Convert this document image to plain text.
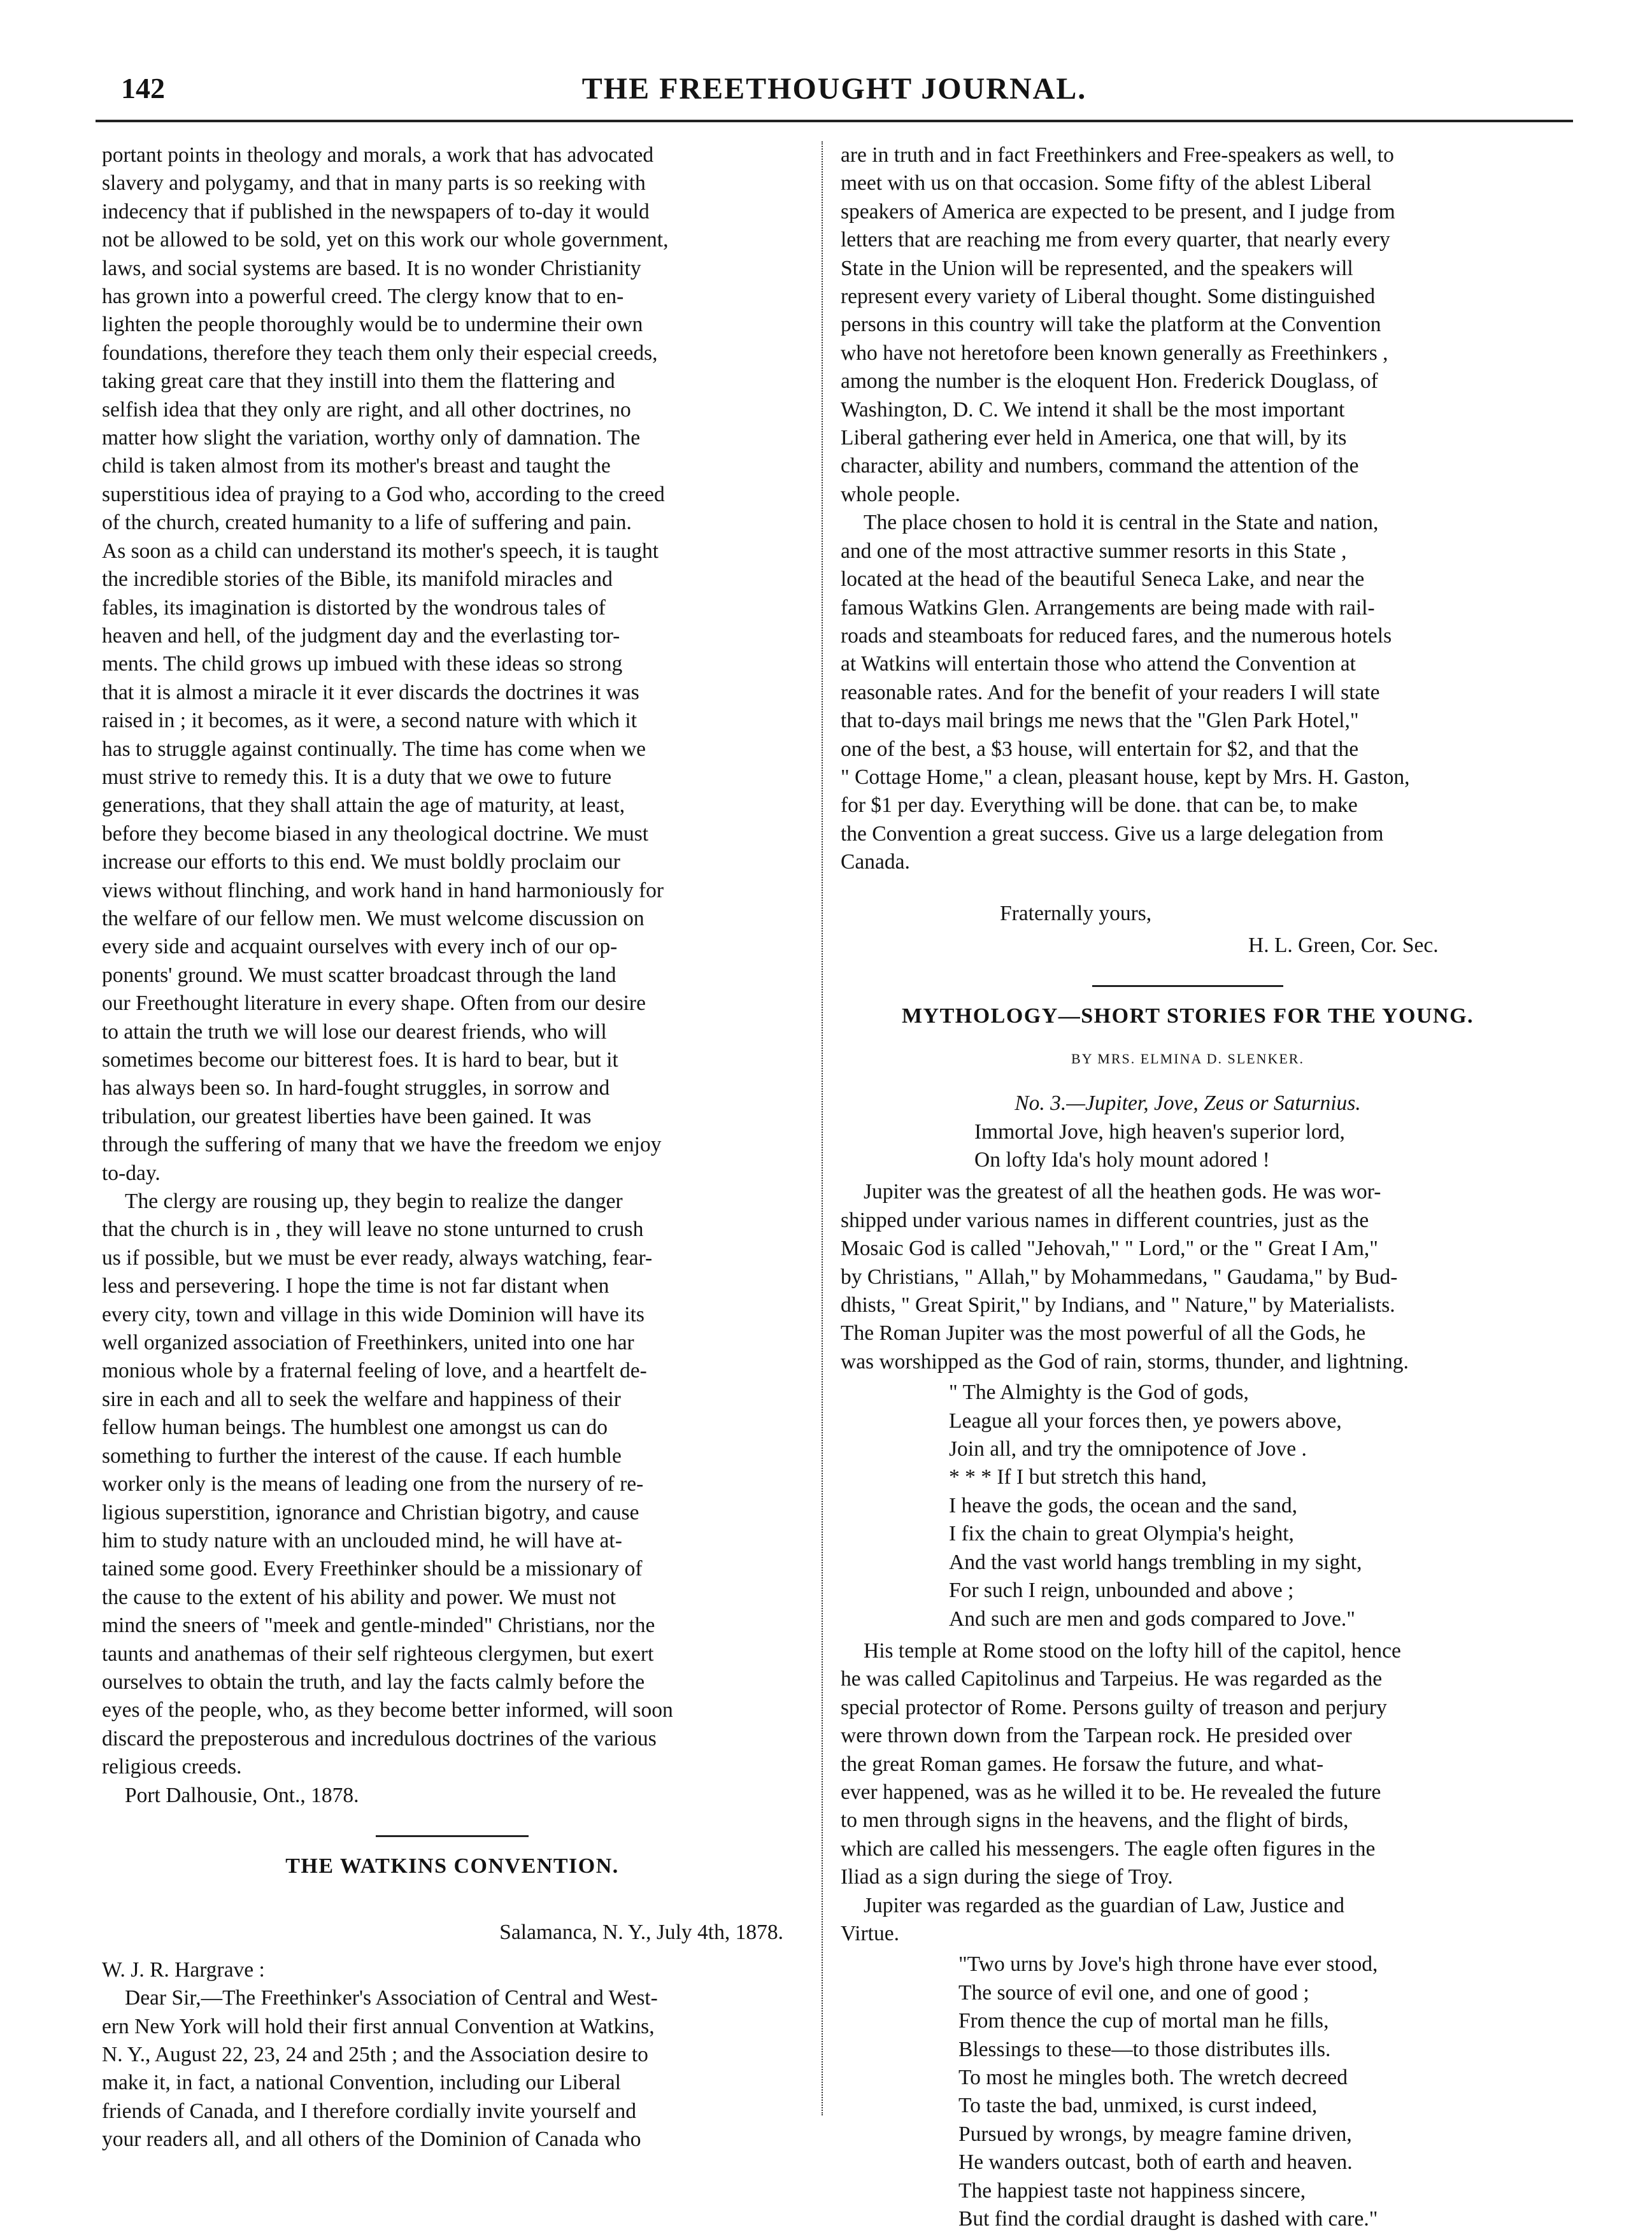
142	THE FREETHOUGHT JOURNAL.

portant points in theology and morals, a work that has advocated

slavery and polygamy, and that in many parts is so reeking with

indecency that if published in the newspapers of to-day it would

not be allowed to be sold, yet on this work our whole government,

laws, and social systems are based. It is no wonder Christianity

has grown into a powerful creed. The clergy know that to en-

lighten the people thoroughly would be to undermine their own

foundations, therefore they teach them only their especial creeds,

taking great care that they instill into them the flattering and

selfish idea that they only are right, and all other doctrines, no

matter how slight the variation, worthy only of damnation. The

child is taken almost from its mother's breast and taught the

superstitious idea of praying to a God who, according to the creed

of the church, created humanity to a life of suffering and pain.

As soon as a child can understand its mother's speech, it is taught

the incredible stories of the Bible, its manifold miracles and

fables, its imagination is distorted by the wondrous tales of

heaven and hell, of the judgment day and the everlasting tor-

ments. The child grows up imbued with these ideas so strong

that it is almost a miracle it it ever discards the doctrines it was

raised in ; it becomes, as it were, a second nature with which it

has to struggle against continually. The time has come when we

must strive to remedy this. It is a duty that we owe to future

generations, that they shall attain the age of maturity, at least,

before they become biased in any theological doctrine. We must

increase our efforts to this end. We must boldly proclaim our

views without flinching, and work hand in hand harmoniously for

the welfare of our fellow men. We must welcome discussion on

every side and acquaint ourselves with every inch of our op-

ponents' ground. We must scatter broadcast through the land

our Freethought literature in every shape. Often from our desire

to attain the truth we will lose our dearest friends, who will

sometimes become our bitterest foes. It is hard to bear, but it

has always been so. In hard-fought struggles, in sorrow and

tribulation, our greatest liberties have been gained. It was

through the suffering of many that we have the freedom we enjoy

to-day.

The clergy are rousing up, they begin to realize the danger

that the church is in , they will leave no stone unturned to crush

us if possible, but we must be ever ready, always watching, fear-

less and persevering. I hope the time is not far distant when

every city, town and village in this wide Dominion will have its

well organized association of Freethinkers, united into one har

monious whole by a fraternal feeling of love, and a heartfelt de-

sire in each and all to seek the welfare and happiness of their

fellow human beings. The humblest one amongst us can do

something to further the interest of the cause. If each humble

worker only is the means of leading one from the nursery of re-

ligious superstition, ignorance and Christian bigotry, and cause

him to study nature with an unclouded mind, he will have at-

tained some good. Every Freethinker should be a missionary of

the cause to the extent of his ability and power. We must not

mind the sneers of "meek and gentle-minded" Christians, nor the

taunts and anathemas of their self righteous clergymen, but exert

ourselves to obtain the truth, and lay the facts calmly before the

eyes of the people, who, as they become better informed, will soon

discard the preposterous and incredulous doctrines of the various

religious creeds.

Port Dalhousie, Ont., 1878.

THE WATKINS CONVENTION.

Salamanca, N. Y., July 4th, 1878.

W. J. R. Hargrave :

Dear Sir,—The Freethinker's Association of Central and West-

ern New York will hold their first annual Convention at Watkins,

N. Y., August 22, 23, 24 and 25th ; and the Association desire to

make it, in fact, a national Convention, including our Liberal

friends of Canada, and I therefore cordially invite yourself and

your readers all, and all others of the Dominion of Canada who

are in truth and in fact Freethinkers and Free-speakers as well, to

meet with us on that occasion. Some fifty of the ablest Liberal

speakers of America are expected to be present, and I judge from

letters that are reaching me from every quarter, that nearly every

State in the Union will be represented, and the speakers will

represent every variety of Liberal thought. Some distinguished

persons in this country will take the platform at the Convention

who have not heretofore been known generally as Freethinkers ,

among the number is the eloquent Hon. Frederick Douglass, of

Washington, D. C. We intend it shall be the most important

Liberal gathering ever held in America, one that will, by its

character, ability and numbers, command the attention of the

whole people.

The place chosen to hold it is central in the State and nation,

and one of the most attractive summer resorts in this State ,

located at the head of the beautiful Seneca Lake, and near the

famous Watkins Glen. Arrangements are being made with rail-

roads and steamboats for reduced fares, and the numerous hotels

at Watkins will entertain those who attend the Convention at

reasonable rates. And for the benefit of your readers I will state

that to-days mail brings me news that the "Glen Park Hotel,"

one of the best, a $3 house, will entertain for $2, and that the

" Cottage Home," a clean, pleasant house, kept by Mrs. H. Gaston,

for $1 per day. Everything will be done. that can be, to make

the Convention a great success. Give us a large delegation from

Canada.

Fraternally yours,

H. L. Green, Cor. Sec.

MYTHOLOGY—SHORT STORIES FOR THE YOUNG.

BY MRS. ELMINA D. SLENKER.

No. 3.—Jupiter, Jove, Zeus or Saturnius.

Immortal Jove, high heaven's superior lord,

On lofty Ida's holy mount adored !

Jupiter was the greatest of all the heathen gods. He was wor-

shipped under various names in different countries, just as the

Mosaic God is called "Jehovah," " Lord," or the " Great I Am,"

by Christians, " Allah," by Mohammedans, " Gaudama," by Bud-

dhists, " Great Spirit," by Indians, and " Nature," by Materialists.

The Roman Jupiter was the most powerful of all the Gods, he

was worshipped as the God of rain, storms, thunder, and lightning.

" The Almighty is the God of gods,

League all your forces then, ye powers above,

Join all, and try the omnipotence of Jove .

* * * If I but stretch this hand,

I heave the gods, the ocean and the sand,

I fix the chain to great Olympia's height,

And the vast world hangs trembling in my sight,

For such I reign, unbounded and above ;

And such are men and gods compared to Jove."

His temple at Rome stood on the lofty hill of the capitol, hence

he was called Capitolinus and Tarpeius. He was regarded as the

special protector of Rome. Persons guilty of treason and perjury

were thrown down from the Tarpean rock. He presided over

the great Roman games. He forsaw the future, and what-

ever happened, was as he willed it to be. He revealed the future

to men through signs in the heavens, and the flight of birds,

which are called his messengers. The eagle often figures in the

Iliad as a sign during the siege of Troy.

Jupiter was regarded as the guardian of Law, Justice and

Virtue.

"Two urns by Jove's high throne have ever stood,

The source of evil one, and one of good ;

From thence the cup of mortal man he fills,

Blessings to these—to those distributes ills.

To most he mingles both. The wretch decreed

To taste the bad, unmixed, is curst indeed,

Pursued by wrongs, by meagre famine driven,

He wanders outcast, both of earth and heaven.

The happiest taste not happiness sincere,

But find the cordial draught is dashed with care."
